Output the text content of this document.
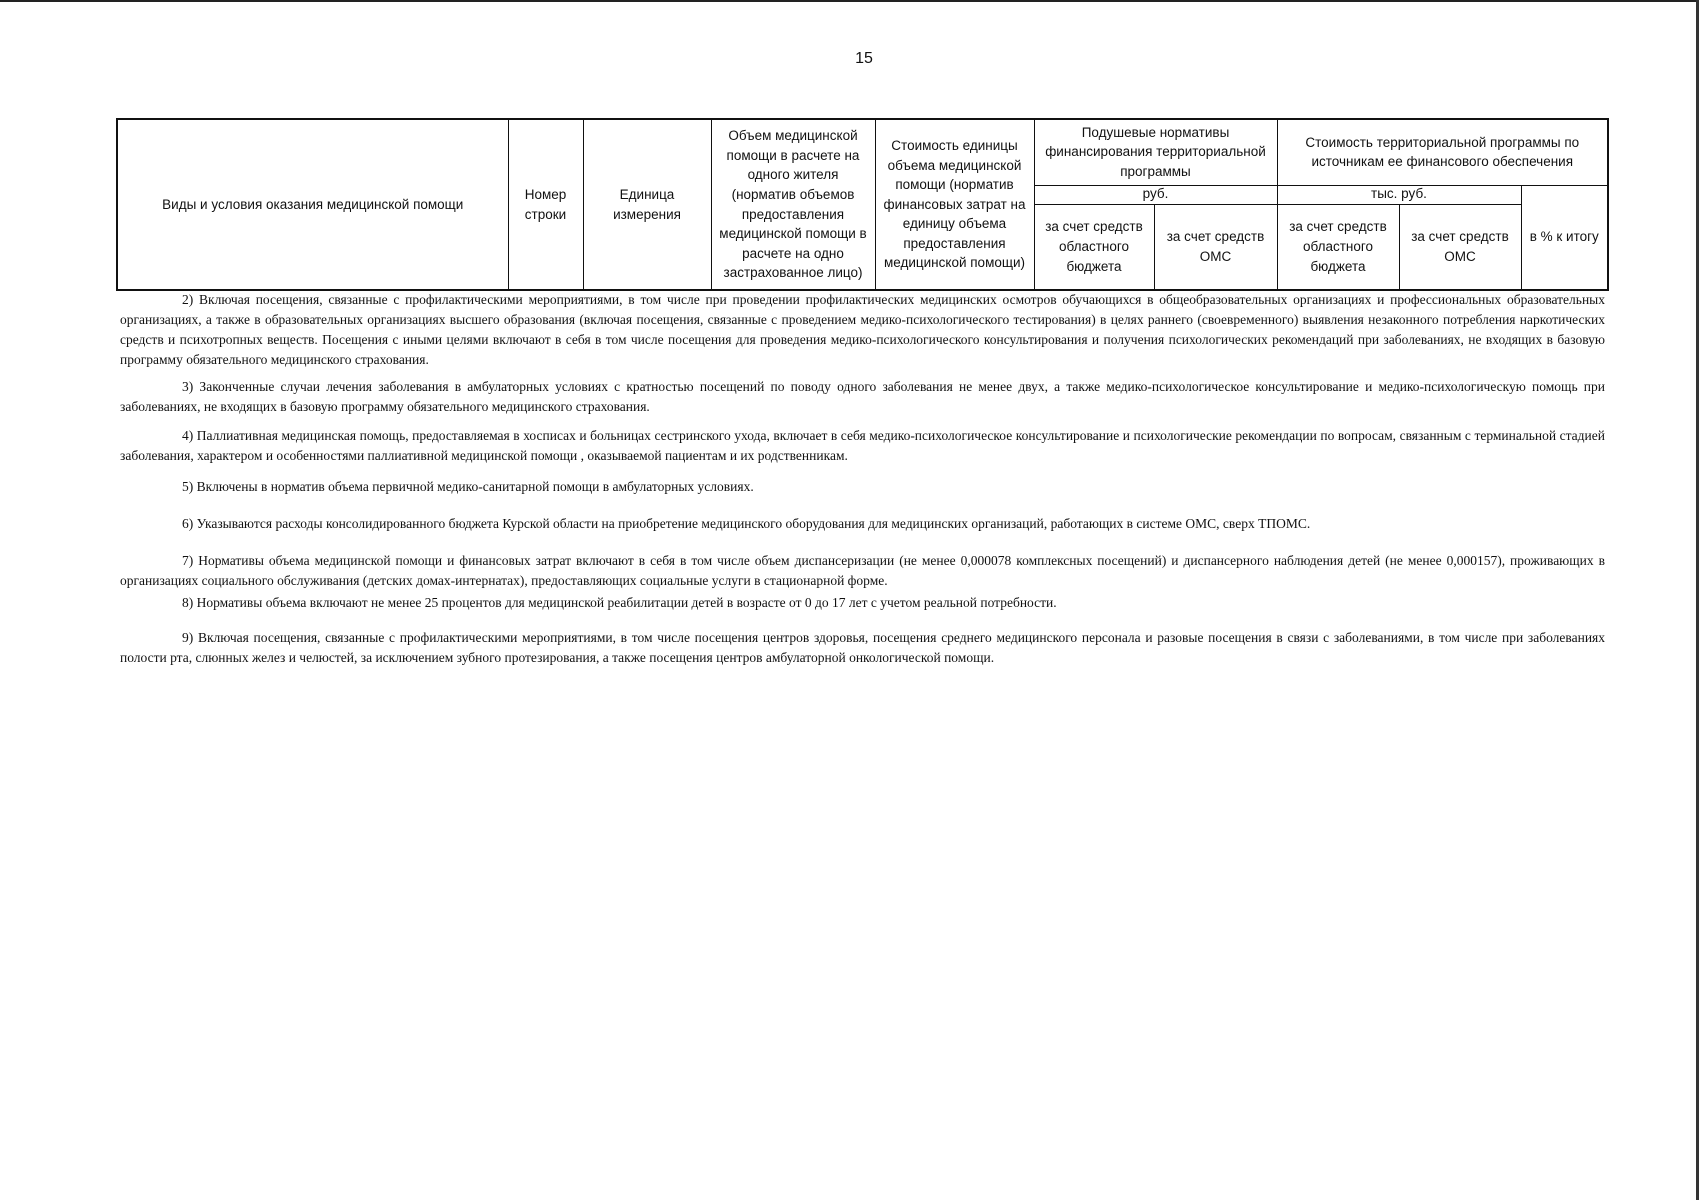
15
Виды и условия оказания медицинской помощи	Номер строки	Единица измерения	Объем медицинской помощи в расчете на одного жителя (норматив объемов предоставления медицинской помощи в расчете на одно застрахованное лицо)	Стоимость единицы объема медицинской помощи (норматив финансовых затрат на единицу объема предоставления медицинской помощи)	Подушевые нормативы финансирования территориальной программы		Стоимость территориальной программы по источникам ее финансового обеспечения		
					руб.		тыс. руб.		в % к итогу
					за счет средств областного бюджета	за счет средств ОМС	за счет средств областного бюджета	за счет средств ОМС	

2) Включая посещения, связанные с профилактическими мероприятиями, в том числе при проведении профилактических медицинских осмотров обучающихся в общеобразовательных организациях и профессиональных образовательных организациях, а также в образовательных организациях высшего образования (включая посещения, связанные с проведением медико-психологического тестирования) в целях раннего (своевременного) выявления незаконного потребления наркотических средств и психотропных веществ. Посещения с иными целями включают в себя в том числе посещения для проведения медико-психологического консультирования и получения психологических рекомендаций при заболеваниях, не входящих в базовую программу обязательного медицинского страхования.

3) Законченные случаи лечения заболевания в амбулаторных условиях с кратностью посещений по поводу одного заболевания не менее двух, а также медико-психологическое консультирование и медико-психологическую помощь при заболеваниях, не входящих в базовую программу обязательного медицинского страхования.

4) Паллиативная медицинская помощь, предоставляемая в хосписах и больницах сестринского ухода, включает в себя медико-психологическое консультирование и психологические рекомендации по вопросам, связанным с терминальной стадией заболевания, характером и особенностями паллиативной медицинской помощи , оказываемой пациентам и их родственникам.

5) Включены в норматив объема первичной медико-санитарной помощи в амбулаторных условиях.

6) Указываются расходы консолидированного бюджета Курской области на приобретение медицинского оборудования для медицинских организаций, работающих в системе ОМС, сверх ТПОМС.

7) Нормативы объема медицинской помощи и финансовых затрат включают в себя в том числе объем диспансеризации (не менее 0,000078 комплексных посещений) и диспансерного наблюдения детей (не менее 0,000157), проживающих в организациях социального обслуживания (детских домах-интернатах), предоставляющих социальные услуги в стационарной форме.

8) Нормативы объема включают не менее 25 процентов для медицинской реабилитации детей в возрасте от 0 до 17 лет с учетом реальной потребности.

9) Включая посещения, связанные с профилактическими мероприятиями, в том числе посещения центров здоровья, посещения среднего медицинского персонала и разовые посещения в связи с заболеваниями, в том числе при заболеваниях полости рта, слюнных желез и челюстей, за исключением зубного протезирования, а также посещения центров амбулаторной онкологической помощи.
